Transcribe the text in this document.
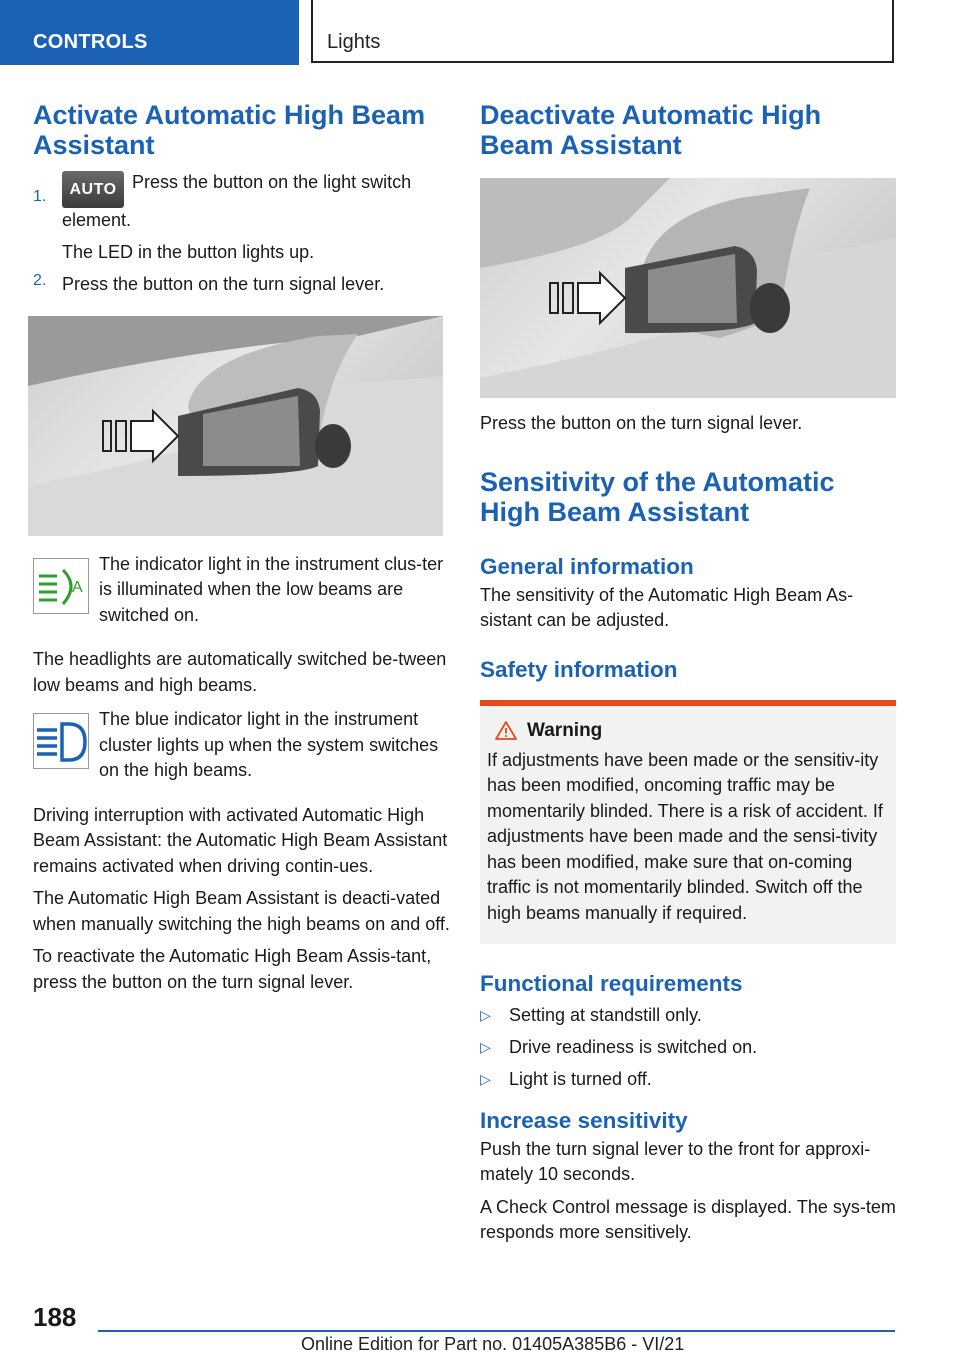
CONTROLS	Lights
Activate Automatic High Beam Assistant
1.	AUTO Press the button on the light switch element.

The LED in the button lights up.

2. Press the button on the turn signal lever.

A

The indicator light in the instrument clus-ter is illuminated when the low beams are switched on.

The headlights are automatically switched be-tween low beams and high beams.

The blue indicator light in the instrument cluster lights up when the system switches on the high beams.

Driving interruption with activated Automatic High Beam Assistant: the Automatic High Beam Assistant remains activated when driving contin-ues.

The Automatic High Beam Assistant is deacti-vated when manually switching the high beams on and off.

To reactivate the Automatic High Beam Assis-tant, press the button on the turn signal lever.

Deactivate Automatic High Beam Assistant

Press the button on the turn signal lever.

Sensitivity of the Automatic High Beam Assistant
General information

The sensitivity of the Automatic High Beam As-sistant can be adjusted.

Safety information
Warning

If adjustments have been made or the sensitiv-ity has been modified, oncoming traffic may be momentarily blinded. There is a risk of accident. If adjustments have been made and the sensi-tivity has been modified, make sure that on-coming traffic is not momentarily blinded. Switch off the high beams manually if required.

Functional requirements
▷ Setting at standstill only.
▷ Drive readiness is switched on.
▷ Light is turned off.
Increase sensitivity

Push the turn signal lever to the front for approxi-mately 10 seconds.

A Check Control message is displayed. The sys-tem responds more sensitively.

188
Online Edition for Part no. 01405A385B6 - VI/21
